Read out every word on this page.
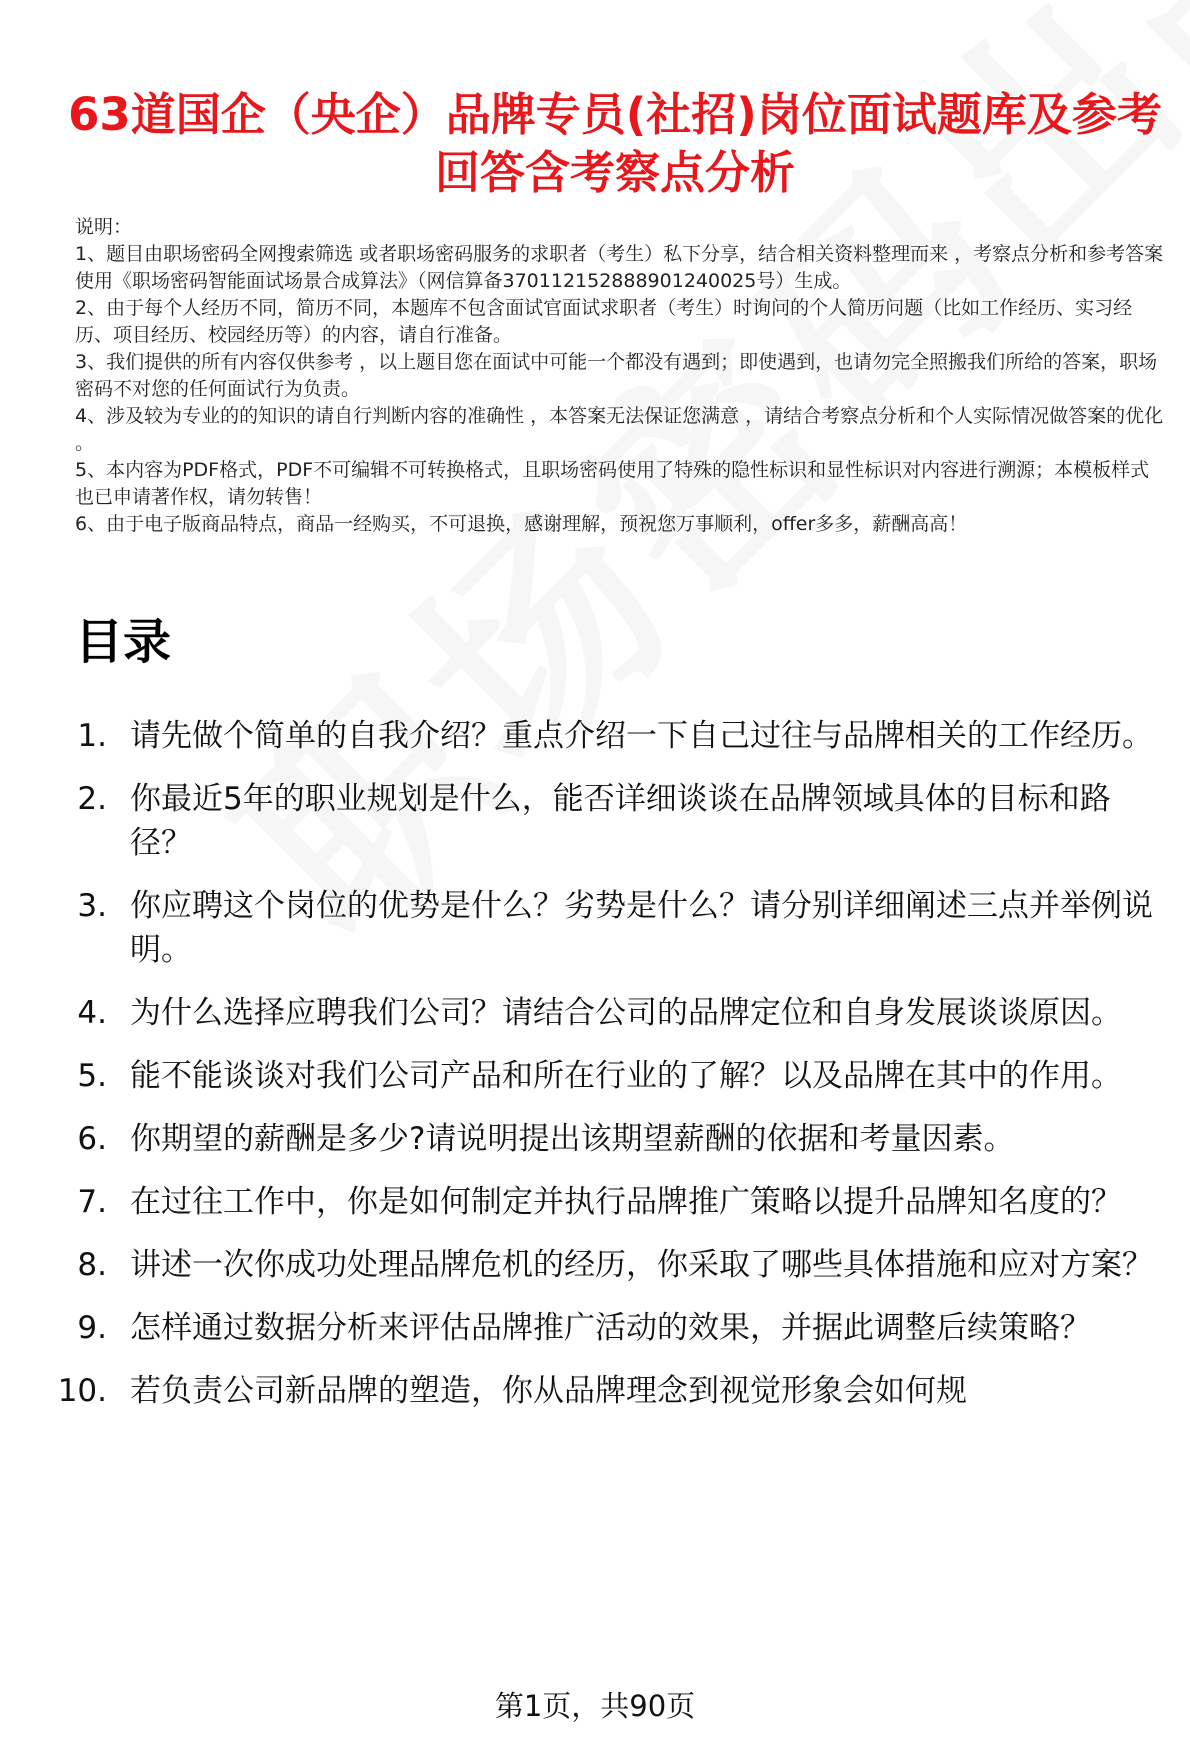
63道国企（央企）品牌专员(社招)岗位面试题库及参考回答含考察点分析

说明：

1、题目由职场密码全网搜索筛选 或者职场密码服务的求职者（考生）私下分享，结合相关资料整理而来 ，考察点分析和参考答案使用《职场密码智能面试场景合成算法》（网信算备370112152888901240025号）生成。

2、由于每个人经历不同，简历不同，本题库不包含面试官面试求职者（考生）时询问的个人简历问题（比如工作经历、实习经历、项目经历、校园经历等）的内容，请自行准备。

3、我们提供的所有内容仅供参考 ，以上题目您在面试中可能一个都没有遇到；即使遇到，也请勿完全照搬我们所给的答案，职场密码不对您的任何面试行为负责。

4、涉及较为专业的的知识的请自行判断内容的准确性 ，本答案无法保证您满意 ，请结合考察点分析和个人实际情况做答案的优化 。

5、本内容为PDF格式，PDF不可编辑不可转换格式，且职场密码使用了特殊的隐性标识和显性标识对内容进行溯源；本模板样式也已申请著作权，请勿转售！

6、由于电子版商品特点，商品一经购买，不可退换，感谢理解，预祝您万事顺利，offer多多，薪酬高高！

目录
1. 请先做个简单的自我介绍？重点介绍一下自己过往与品牌相关的工作经历。
2. 你最近5年的职业规划是什么，能否详细谈谈在品牌领域具体的目标和路径？
3. 你应聘这个岗位的优势是什么？劣势是什么？请分别详细阐述三点并举例说明。
4. 为什么选择应聘我们公司？请结合公司的品牌定位和自身发展谈谈原因。
5. 能不能谈谈对我们公司产品和所在行业的了解？以及品牌在其中的作用。
6. 你期望的薪酬是多少?请说明提出该期望薪酬的依据和考量因素。
7. 在过往工作中，你是如何制定并执行品牌推广策略以提升品牌知名度的？
8. 讲述一次你成功处理品牌危机的经历，你采取了哪些具体措施和应对方案？
9. 怎样通过数据分析来评估品牌推广活动的效果，并据此调整后续策略？
10. 若负责公司新品牌的塑造，你从品牌理念到视觉形象会如何规
第1页，共90页
